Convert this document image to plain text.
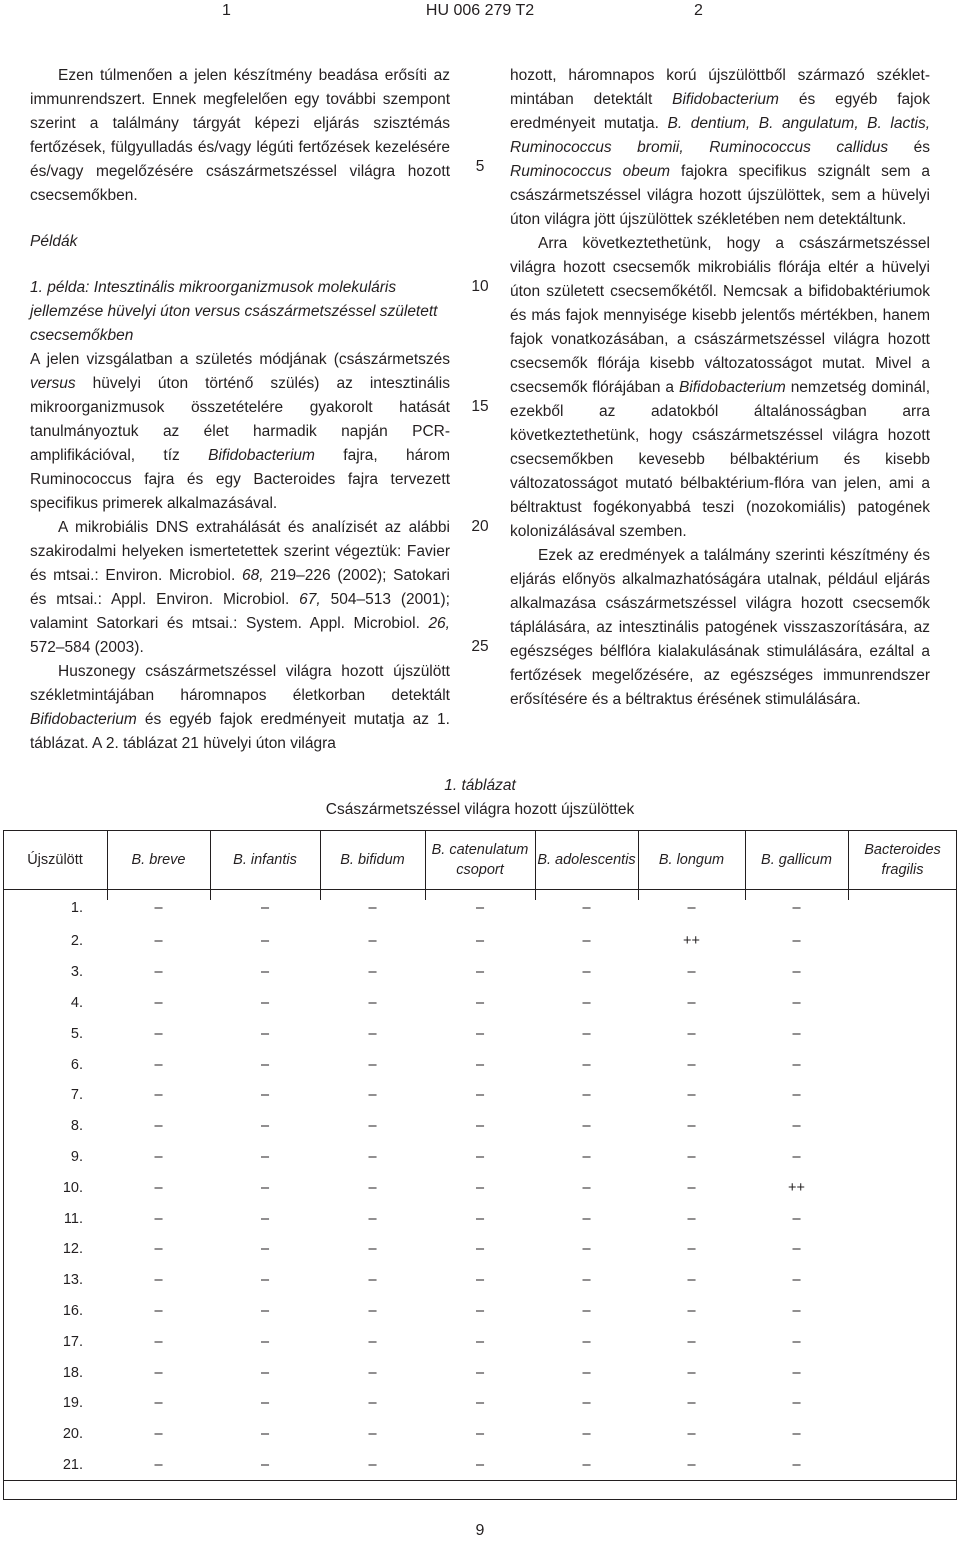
1	HU 006 279 T2	2

Ezen túlmenően a jelen készítmény beadása erősíti az immunrendszert. Ennek megfelelően egy további szempont szerint a találmány tárgyát képezi eljárás szisztémás fertőzések, fülgyulladás és/vagy légúti fertőzések kezelésére és/vagy megelőzésére császármetszéssel világra hozott csecsemőkben.

Példák

1. példa: Intesztinális mikroorganizmusok molekuláris jellemzése hüvelyi úton versus császármetszéssel született csecsemőkben

A jelen vizsgálatban a születés módjának (császármetszés versus hüvelyi úton történő szülés) az intesztinális mikroorganizmusok összetételére gyakorolt hatását tanulmányoztuk az élet harmadik napján PCR-amplifikációval, tíz Bifidobacterium fajra, három Ruminococcus fajra és egy Bacteroides fajra tervezett specifikus primerek alkalmazásával.

A mikrobiális DNS extrahálását és analízisét az alábbi szakirodalmi helyeken ismertetettek szerint végeztük: Favier és mtsai.: Environ. Microbiol. 68, 219–226 (2002); Satokari és mtsai.: Appl. Environ. Microbiol. 67, 504–513 (2001); valamint Satorkari és mtsai.: System. Appl. Microbiol. 26, 572–584 (2003).

Huszonegy császármetszéssel világra hozott újszülött székletmintájában háromnapos életkorban detektált Bifidobacterium és egyéb fajok eredményeit mutatja az 1. táblázat. A 2. táblázat 21 hüvelyi úton világra

5
10
15
20
25

hozott, háromnapos korú újszülöttből származó székletmintában detektált Bifidobacterium és egyéb fajok eredményeit mutatja. B. dentium, B. angulatum, B. lactis, Ruminococcus bromii, Ruminococcus callidus és Ruminococcus obeum fajokra specifikus szignált sem a császármetszéssel világra hozott újszülöttek, sem a hüvelyi úton világra jött újszülöttek székletében nem detektáltunk.

Arra következtethetünk, hogy a császármetszéssel világra hozott csecsemők mikrobiális flórája eltér a hüvelyi úton született csecsemőkétől. Nemcsak a bifidobaktériumok és más fajok mennyisége kisebb jelentős mértékben, hanem fajok vonatkozásában, a császármetszéssel világra hozott csecsemők flórája kisebb változatosságot mutat. Mivel a csecsemők flórájában a Bifidobacterium nemzetség dominál, ezekből az adatokból általánosságban arra következtethetünk, hogy császármetszéssel világra hozott csecsemőkben kevesebb bélbaktérium és kisebb változatosságot mutató bélbaktérium-flóra van jelen, ami a béltraktust fogékonyabbá teszi (nozokomiális) patogének kolonizálásával szemben.

Ezek az eredmények a találmány szerinti készítmény és eljárás előnyös alkalmazhatóságára utalnak, például eljárás alkalmazása császármetszéssel világra hozott csecsemők táplálására, az intesztinális patogének visszaszorítására, az egészséges bélflóra kialakulásának stimulálására, ezáltal a fertőzések megelőzésére, az egészséges immunrendszer erősítésére és a béltraktus érésének stimulálására.

1. táblázat
Császármetszéssel világra hozott újszülöttek
Újszülött	B. breve	B. infantis	B. bifidum	B. catenulatum csoport	B. adolescentis	B. longum	B. gallicum	Bacteroides fragilis
1.	–	–	–	–	–	–	–	
2.	–	–	–	–	–	++	–	
3.	–	–	–	–	–	–	–	
4.	–	–	–	–	–	–	–	
5.	–	–	–	–	–	–	–	
6.	–	–	–	–	–	–	–	
7.	–	–	–	–	–	–	–	
8.	–	–	–	–	–	–	–	
9.	–	–	–	–	–	–	–	
10.	–	–	–	–	–	–	++	
11.	–	–	–	–	–	–	–	
12.	–	–	–	–	–	–	–	
13.	–	–	–	–	–	–	–	
16.	–	–	–	–	–	–	–	
17.	–	–	–	–	–	–	–	
18.	–	–	–	–	–	–	–	
19.	–	–	–	–	–	–	–	
20.	–	–	–	–	–	–	–	
21.	–	–	–	–	–	–	–	
9
